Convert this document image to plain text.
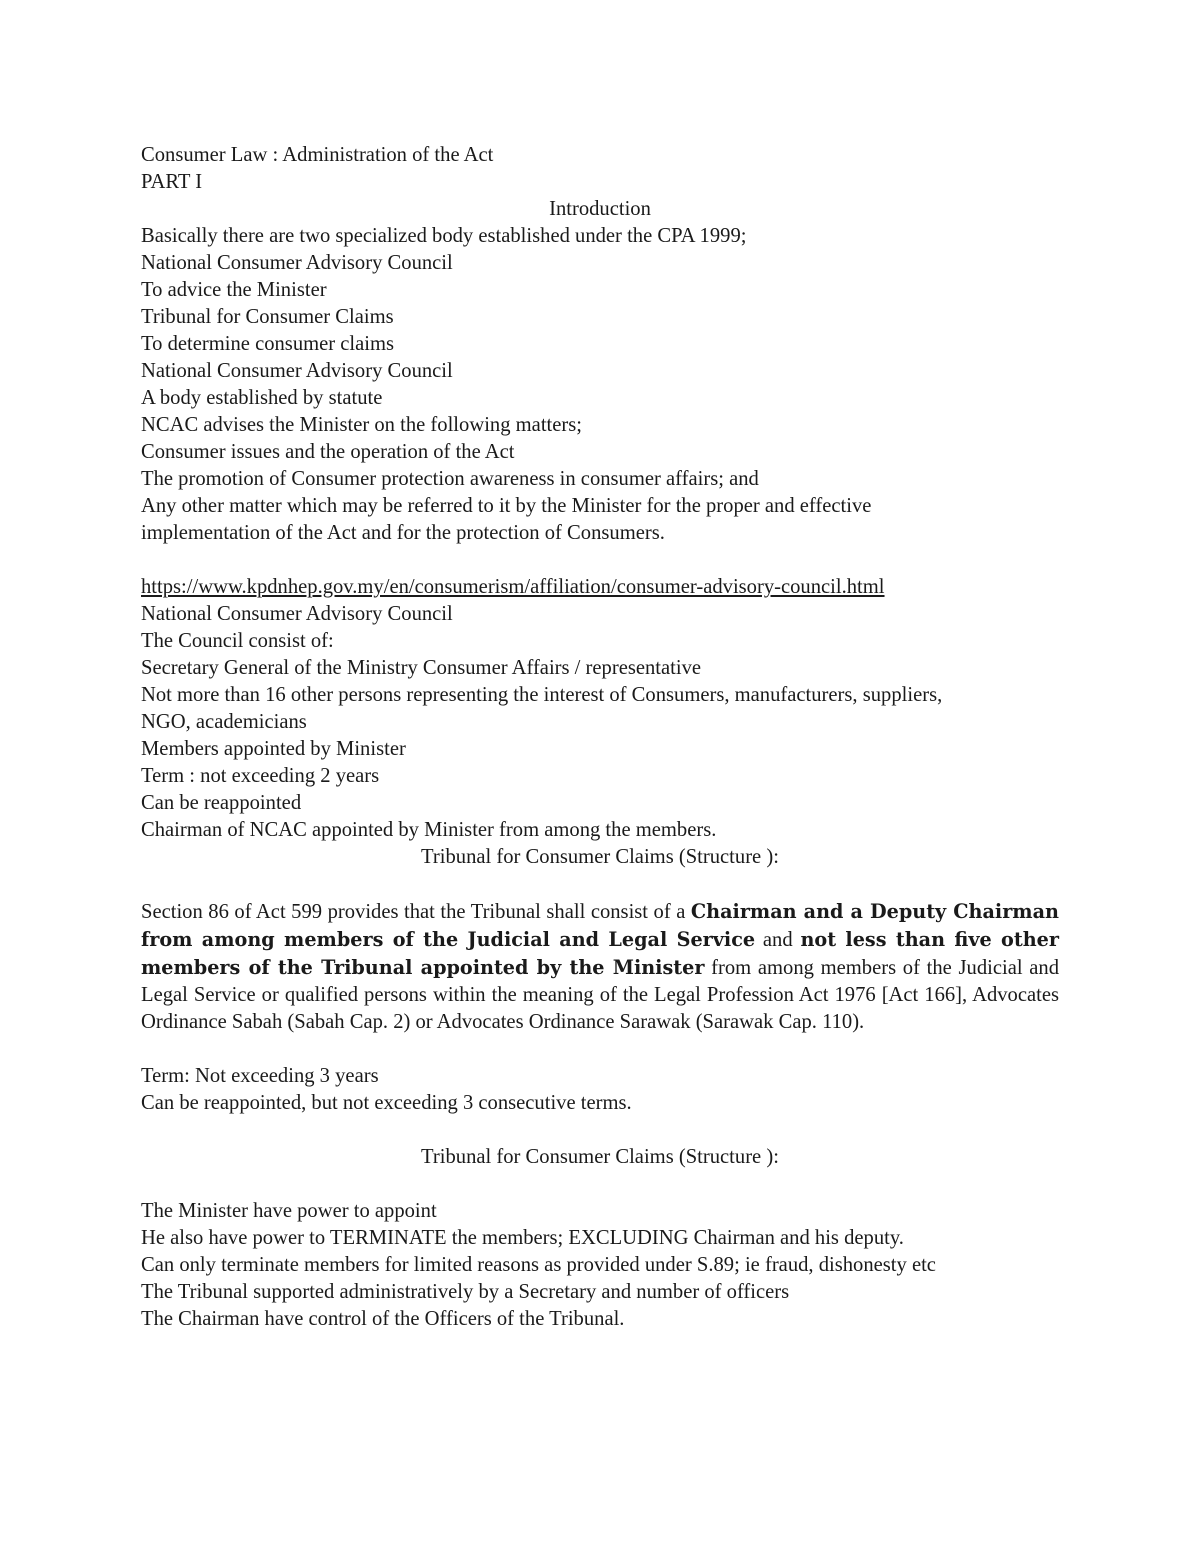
Consumer Law : Administration of the Act
PART I
Introduction
Basically there are two specialized body established under the CPA 1999;
National Consumer Advisory Council
To advice the Minister
Tribunal for Consumer Claims
To determine consumer claims
National Consumer Advisory Council
A body established by statute
NCAC advises the Minister on the following matters;
Consumer issues and the operation of the Act
The promotion of Consumer protection awareness in consumer affairs; and
Any other matter which may be referred to it by the Minister for the proper and effective
implementation of the Act and for the protection of Consumers.
https://www.kpdnhep.gov.my/en/consumerism/affiliation/consumer-advisory-council.html
National Consumer Advisory Council
The Council consist of:
Secretary General of the Ministry Consumer Affairs / representative
Not more than 16 other persons representing the interest of Consumers, manufacturers, suppliers,
NGO, academicians
Members appointed by Minister
Term : not exceeding 2 years
Can be reappointed
Chairman of NCAC appointed by Minister from among the members.
Tribunal for Consumer Claims (Structure ):

Section 86 of Act 599 provides that the Tribunal shall consist of a Chairman and a Deputy Chairman from among members of the Judicial and Legal Service and not less than five other members of the Tribunal appointed by the Minister from among members of the Judicial and Legal Service or qualified persons within the meaning of the Legal Profession Act 1976 [Act 166], Advocates Ordinance Sabah (Sabah Cap. 2) or Advocates Ordinance Sarawak (Sarawak Cap. 110).

Term: Not exceeding 3 years
Can be reappointed, but not exceeding 3 consecutive terms.
Tribunal for Consumer Claims (Structure ):
The Minister have power to appoint
He also have power to TERMINATE the members; EXCLUDING Chairman and his deputy.
Can only terminate members for limited reasons as provided under S.89; ie fraud, dishonesty etc
The Tribunal supported administratively by a Secretary and number of officers
The Chairman have control of the Officers of the Tribunal.
